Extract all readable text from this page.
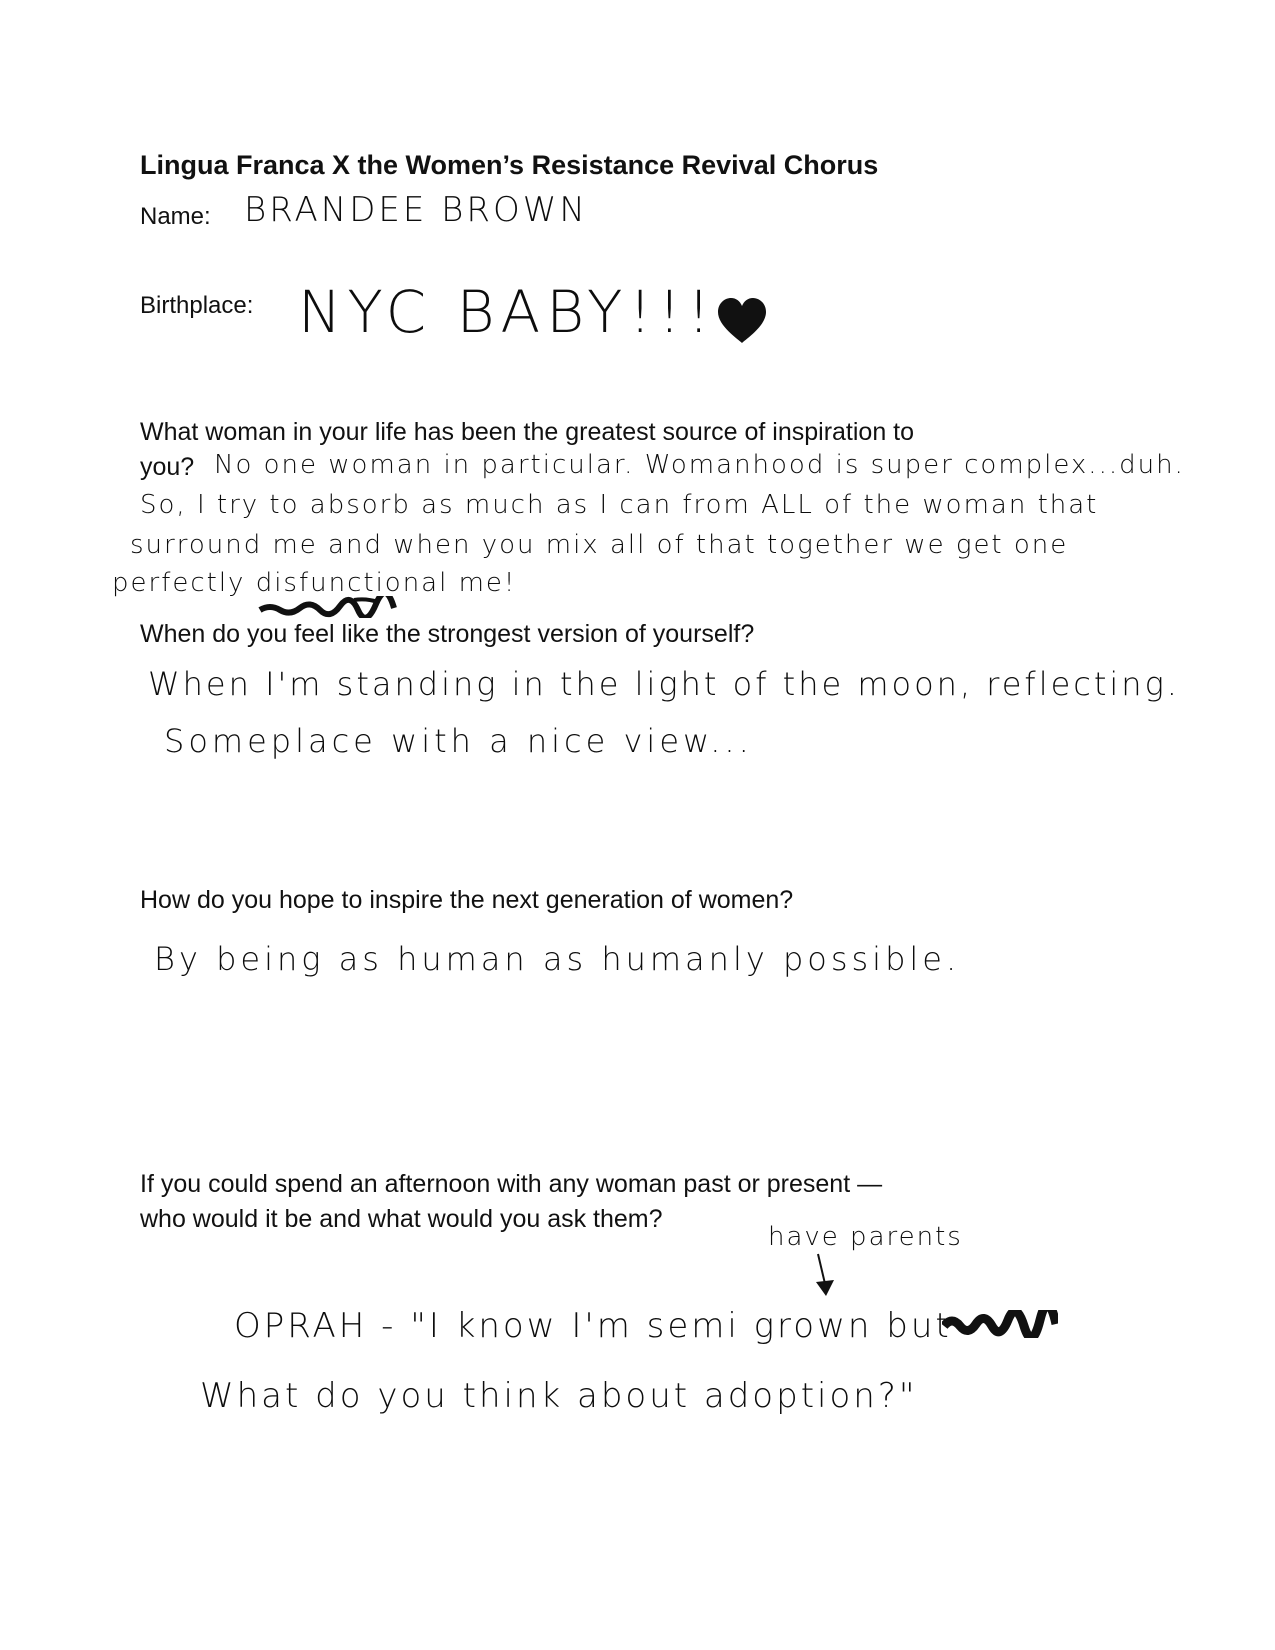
Lingua Franca X the Women’s Resistance Revival Chorus
Name: BRANDEE BROWN
Birthplace: NYC BABY!!!
What woman in your life has been the greatest source of inspiration to
you? No one woman in particular. Womanhood is super complex...duh.
So, I try to absorb as much as I can from ALL of the woman that
surround me and when you mix all of that together we get one
perfectly disfunctional me!
When do you feel like the strongest version of yourself?
When I'm standing in the light of the moon, reflecting.
Someplace with a nice view...
How do you hope to inspire the next generation of women?
By being as human as humanly possible.
If you could spend an afternoon with any woman past or present —
who would it be and what would you ask them?
have parents
OPRAH - "I know I'm semi grown but
What do you think about adoption?"
